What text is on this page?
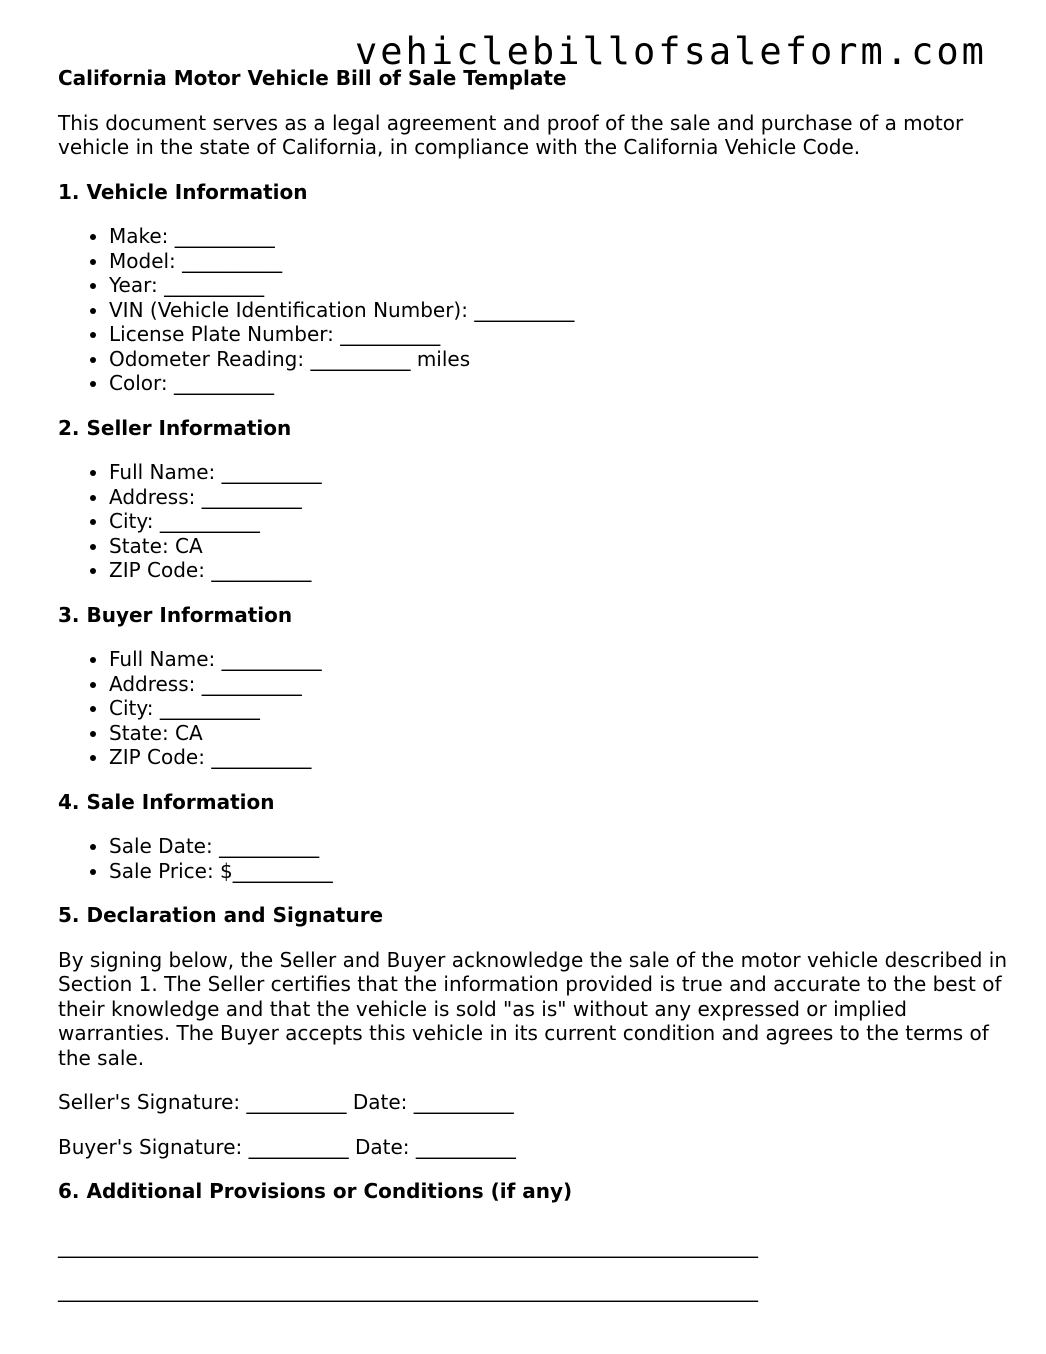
vehiclebillofsaleform.com
California Motor Vehicle Bill of Sale Template

This document serves as a legal agreement and proof of the sale and purchase of a motor vehicle in the state of California, in compliance with the California Vehicle Code.

1. Vehicle Information
• Make: __________
• Model: __________
• Year: __________
• VIN (Vehicle Identification Number): __________
• License Plate Number: __________
• Odometer Reading: __________ miles
• Color: __________
2. Seller Information
• Full Name: __________
• Address: __________
• City: __________
• State: CA
• ZIP Code: __________
3. Buyer Information
• Full Name: __________
• Address: __________
• City: __________
• State: CA
• ZIP Code: __________
4. Sale Information
• Sale Date: __________
• Sale Price: $__________
5. Declaration and Signature

By signing below, the Seller and Buyer acknowledge the sale of the motor vehicle described in Section 1. The Seller certifies that the information provided is true and accurate to the best of their knowledge and that the vehicle is sold "as is" without any expressed or implied warranties. The Buyer accepts this vehicle in its current condition and agrees to the terms of the sale.

Seller's Signature: __________ Date: __________

Buyer's Signature: __________ Date: __________

6. Additional Provisions or Conditions (if any)
______________________________________________________________________
______________________________________________________________________
